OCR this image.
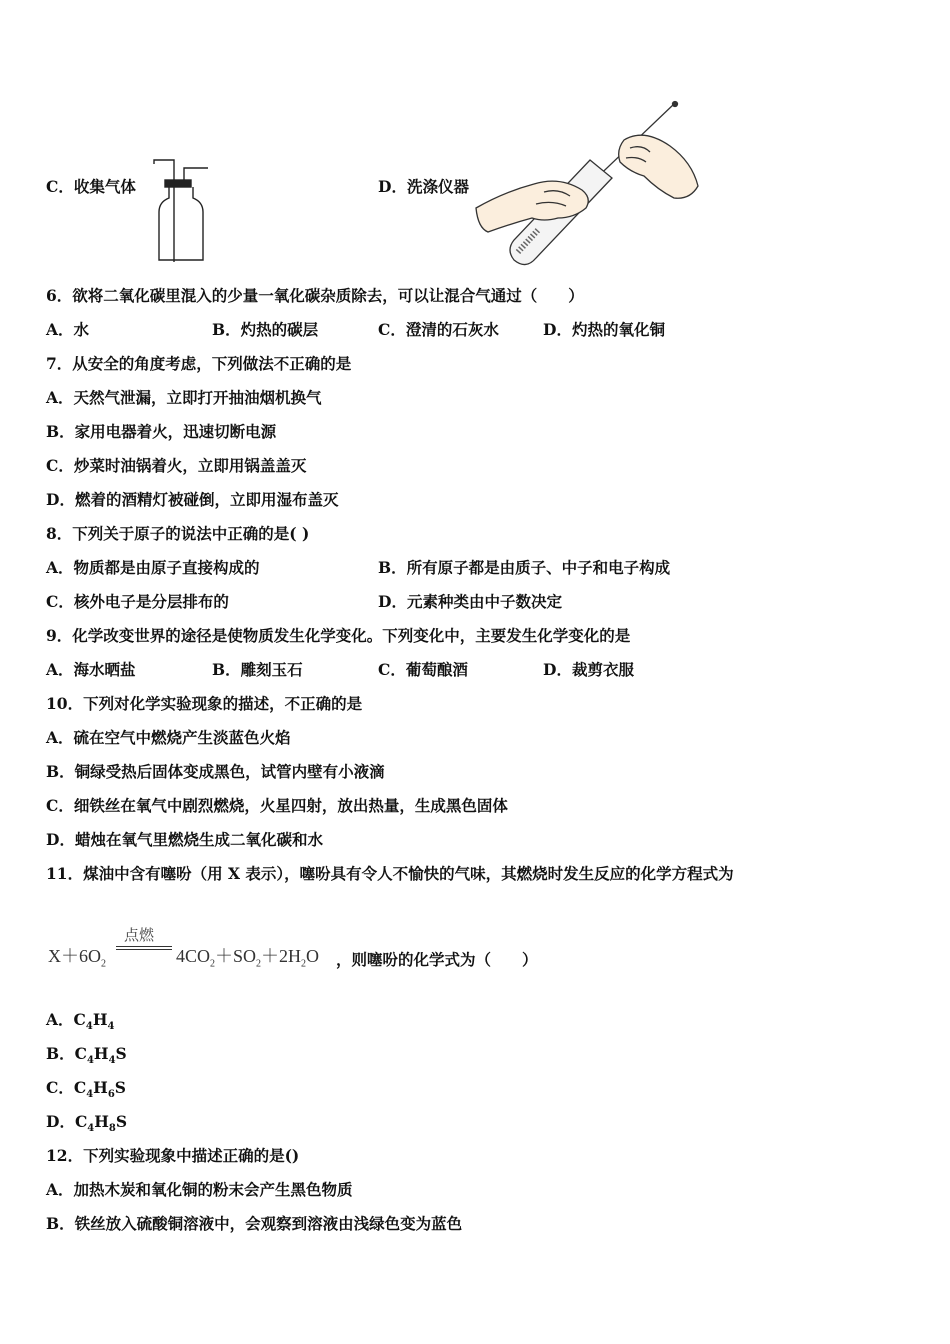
C．收集气体	D．洗涤仪器
6．欲将二氧化碳里混入的少量一氧化碳杂质除去，可以让混合气通过（　　）
A．水	B．灼热的碳层	C．澄清的石灰水	D．灼热的氧化铜
7．从安全的角度考虑，下列做法不正确的是
A．天然气泄漏，立即打开抽油烟机换气
B．家用电器着火，迅速切断电源
C．炒菜时油锅着火，立即用锅盖盖灭
D．燃着的酒精灯被碰倒，立即用湿布盖灭
8．下列关于原子的说法中正确的是( )
A．物质都是由原子直接构成的	B．所有原子都是由质子、中子和电子构成
C．核外电子是分层排布的	D．元素种类由中子数决定
9．化学改变世界的途径是使物质发生化学变化。下列变化中，主要发生化学变化的是
A．海水晒盐	B．雕刻玉石	C．葡萄酿酒	D．裁剪衣服
10．下列对化学实验现象的描述，不正确的是
A．硫在空气中燃烧产生淡蓝色火焰
B．铜绿受热后固体变成黑色，试管内壁有小液滴
C．细铁丝在氧气中剧烈燃烧，火星四射，放出热量，生成黑色固体
D．蜡烛在氧气里燃烧生成二氧化碳和水
11．煤油中含有噻吩（用 X 表示），噻吩具有令人不愉快的气味，其燃烧时发生反应的化学方程式为
点燃
$X+6O_2$	$4CO_2+SO_2+2H_2O$ ，则噻吩的化学式为（　　）
A．$C_4H_4$
B．$C_4H_4S$
C．$C_4H_6S$
D．$C_4H_8S$
12．下列实验现象中描述正确的是()
A．加热木炭和氧化铜的粉末会产生黑色物质
B．铁丝放入硫酸铜溶液中，会观察到溶液由浅绿色变为蓝色
